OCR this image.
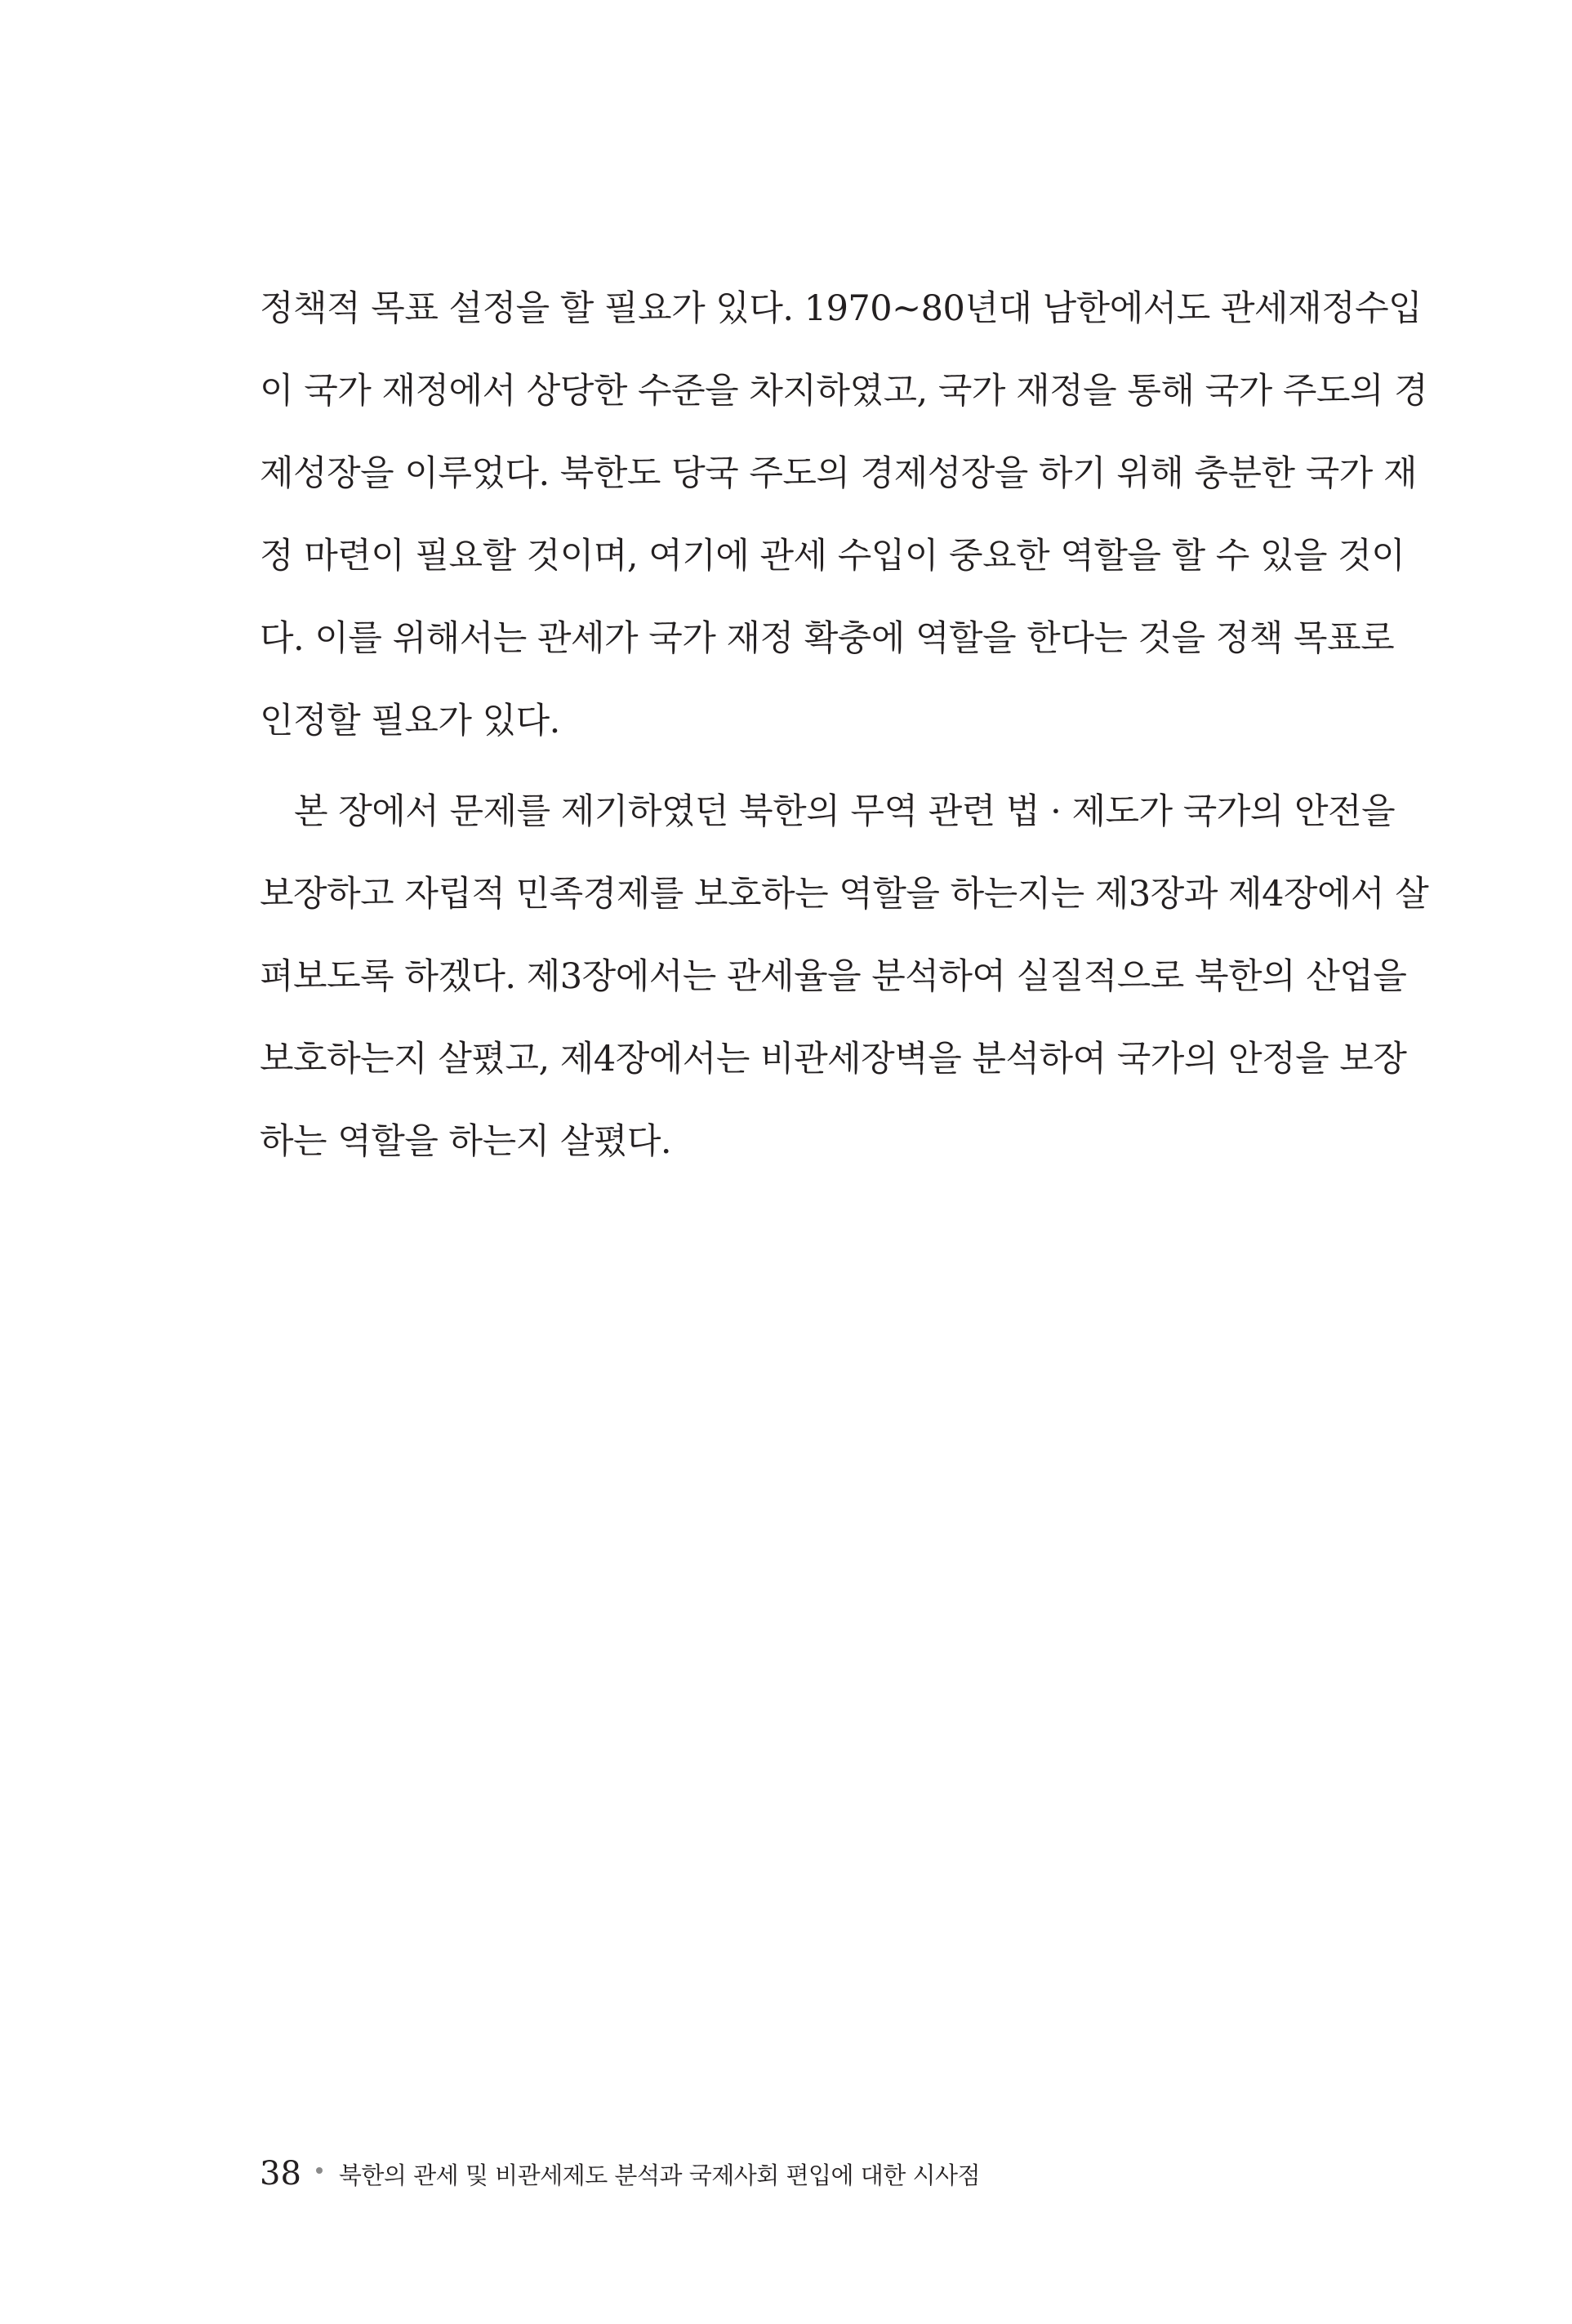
정책적 목표 설정을 할 필요가 있다. 1970~80년대 남한에서도 관세재정수입
이 국가 재정에서 상당한 수준을 차지하였고, 국가 재정을 통해 국가 주도의 경
제성장을 이루었다. 북한도 당국 주도의 경제성장을 하기 위해 충분한 국가 재
정 마련이 필요할 것이며, 여기에 관세 수입이 중요한 역할을 할 수 있을 것이
다. 이를 위해서는 관세가 국가 재정 확충에 역할을 한다는 것을 정책 목표로
인정할 필요가 있다.
본 장에서 문제를 제기하였던 북한의 무역 관련 법 · 제도가 국가의 안전을
보장하고 자립적 민족경제를 보호하는 역할을 하는지는 제3장과 제4장에서 살
펴보도록 하겠다. 제3장에서는 관세율을 분석하여 실질적으로 북한의 산업을
보호하는지 살폈고, 제4장에서는 비관세장벽을 분석하여 국가의 안정을 보장
하는 역할을 하는지 살폈다.
38 북한의 관세 및 비관세제도 분석과 국제사회 편입에 대한 시사점
